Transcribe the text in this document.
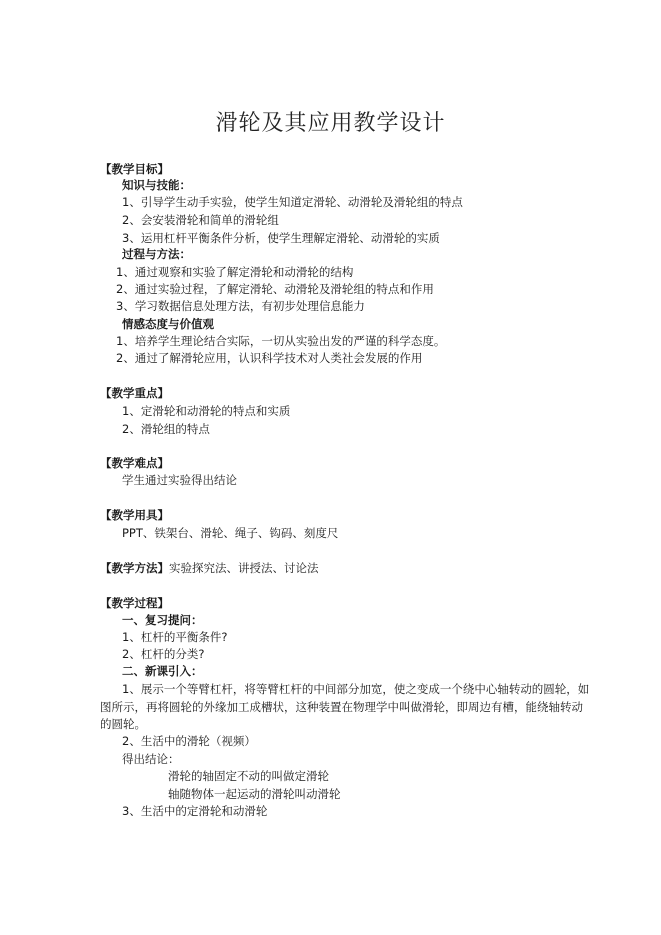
滑轮及其应用教学设计
【教学目标】
知识与技能：
1、引导学生动手实验，使学生知道定滑轮、动滑轮及滑轮组的特点
2、会安装滑轮和简单的滑轮组
3、运用杠杆平衡条件分析，使学生理解定滑轮、动滑轮的实质
过程与方法：
1、通过观察和实验了解定滑轮和动滑轮的结构
2、通过实验过程，了解定滑轮、动滑轮及滑轮组的特点和作用
3、学习数据信息处理方法，有初步处理信息能力
情感态度与价值观
1、培养学生理论结合实际，一切从实验出发的严谨的科学态度。
2、通过了解滑轮应用，认识科学技术对人类社会发展的作用
【教学重点】
1、定滑轮和动滑轮的特点和实质
2、滑轮组的特点
【教学难点】
学生通过实验得出结论
【教学用具】
PPT、铁架台、滑轮、绳子、钩码、刻度尺
【教学方法】实验探究法、讲授法、讨论法
【教学过程】
一、复习提问：
1、杠杆的平衡条件?
2、杠杆的分类?
二、新课引入：
1、展示一个等臂杠杆，将等臂杠杆的中间部分加宽，使之变成一个绕中心轴转动的圆轮，如图所示，再将圆轮的外缘加工成槽状，这种装置在物理学中叫做滑轮，即周边有槽，能绕轴转动的圆轮。
2、生活中的滑轮（视频）
得出结论：
滑轮的轴固定不动的叫做定滑轮
轴随物体一起运动的滑轮叫动滑轮
3、生活中的定滑轮和动滑轮
